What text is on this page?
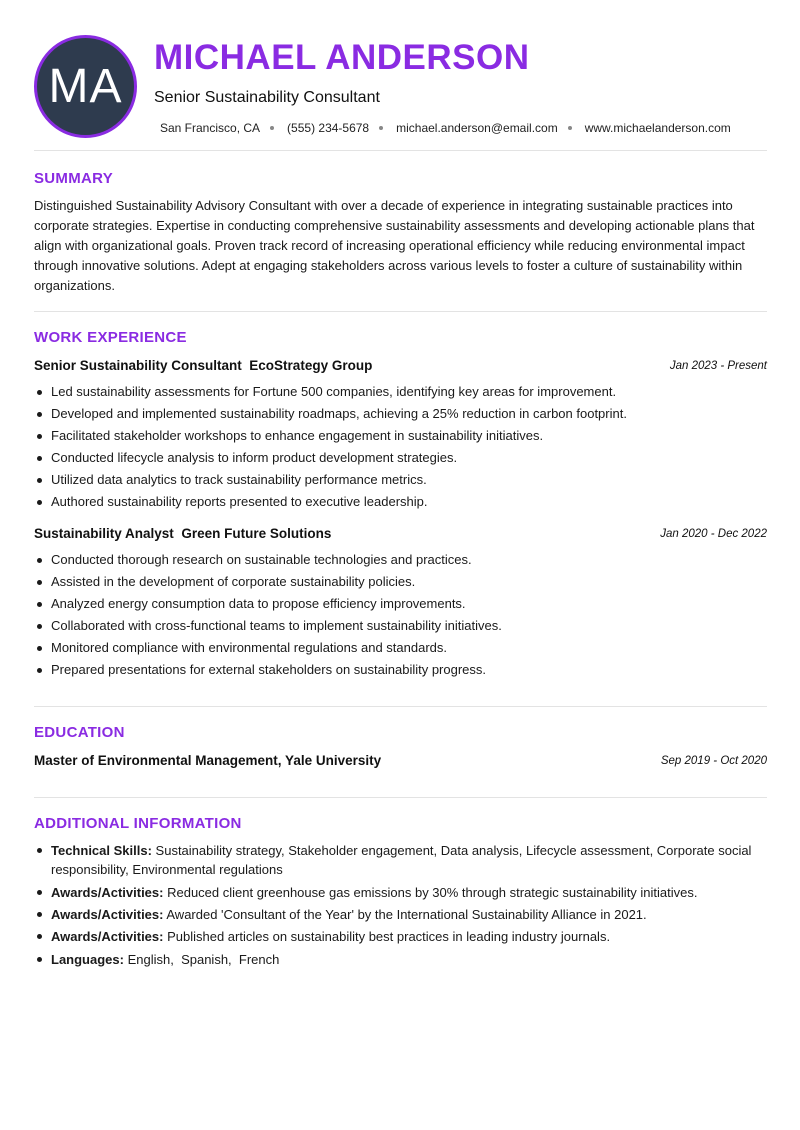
MA
MICHAEL ANDERSON
Senior Sustainability Consultant
San Francisco, CA (555) 234-5678 michael.anderson@email.com www.michaelanderson.com
SUMMARY
Distinguished Sustainability Advisory Consultant with over a decade of experience in integrating sustainable practices into corporate strategies. Expertise in conducting comprehensive sustainability assessments and developing actionable plans that align with organizational goals. Proven track record of increasing operational efficiency while reducing environmental impact through innovative solutions. Adept at engaging stakeholders across various levels to foster a culture of sustainability within organizations.
WORK EXPERIENCE
Senior Sustainability Consultant EcoStrategy Group	Jan 2023 - Present
Led sustainability assessments for Fortune 500 companies, identifying key areas for improvement.
Developed and implemented sustainability roadmaps, achieving a 25% reduction in carbon footprint.
Facilitated stakeholder workshops to enhance engagement in sustainability initiatives.
Conducted lifecycle analysis to inform product development strategies.
Utilized data analytics to track sustainability performance metrics.
Authored sustainability reports presented to executive leadership.
Sustainability Analyst Green Future Solutions	Jan 2020 - Dec 2022
Conducted thorough research on sustainable technologies and practices.
Assisted in the development of corporate sustainability policies.
Analyzed energy consumption data to propose efficiency improvements.
Collaborated with cross-functional teams to implement sustainability initiatives.
Monitored compliance with environmental regulations and standards.
Prepared presentations for external stakeholders on sustainability progress.
EDUCATION
Master of Environmental Management, Yale University	Sep 2019 - Oct 2020
ADDITIONAL INFORMATION
Technical Skills: Sustainability strategy, Stakeholder engagement, Data analysis, Lifecycle assessment, Corporate social responsibility, Environmental regulations
Awards/Activities: Reduced client greenhouse gas emissions by 30% through strategic sustainability initiatives.
Awards/Activities: Awarded 'Consultant of the Year' by the International Sustainability Alliance in 2021.
Awards/Activities: Published articles on sustainability best practices in leading industry journals.
Languages: English,  Spanish,  French
